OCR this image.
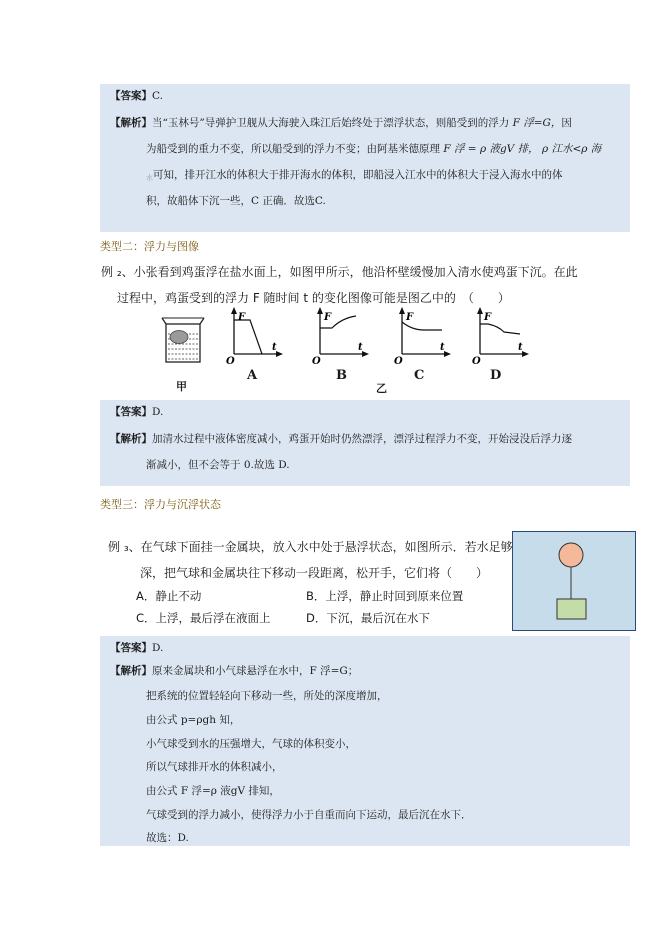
【答案】C.
【解析】当“玉林号”导弹护卫舰从大海驶入珠江后始终处于漂浮状态，则船受到的浮力 F 浮=G，因
为船受到的重力不变，所以船受到的浮力不变；由阿基米德原理 F 浮 = ρ 液gV 排， ρ 江水<ρ 海
$_水$可知，排开江水的体积大于排开海水的体积，即船浸入江水中的体积大于浸入海水中的体
积，故船体下沉一些，C 正确．故选C.
类型二：浮力与图像
例 ₂、小张看到鸡蛋浮在盐水面上，如图甲所示，他沿杯壁缓慢加入清水使鸡蛋下沉。在此
过程中，鸡蛋受到的浮力 F 随时间 t 的变化图像可能是图乙中的　（　　）
甲
F
t
O
A
F
t
O
B
F
t
O
C
F
t
O
D
乙
【答案】D.
【解析】加清水过程中液体密度减小，鸡蛋开始时仍然漂浮，漂浮过程浮力不变，开始浸没后浮力逐
渐减小，但不会等于 0.故选 D.
类型三：浮力与沉浮状态
例 ₃、在气球下面挂一金属块，放入水中处于悬浮状态，如图所示．若水足够
深，把气球和金属块往下移动一段距离，松开手，它们将（　　）
A．静止不动	B．上浮，静止时回到原来位置
C．上浮，最后浮在液面上	D．下沉，最后沉在水下
【答案】D.
【解析】原来金属块和小气球悬浮在水中，F 浮=G；
把系统的位置轻轻向下移动一些，所处的深度增加，
由公式 p=ρgh 知，
小气球受到水的压强增大，气球的体积变小，
所以气球排开水的体积减小，
由公式 F 浮=ρ 液gV 排知，
气球受到的浮力减小，使得浮力小于自重而向下运动，最后沉在水下．
故选：D.
